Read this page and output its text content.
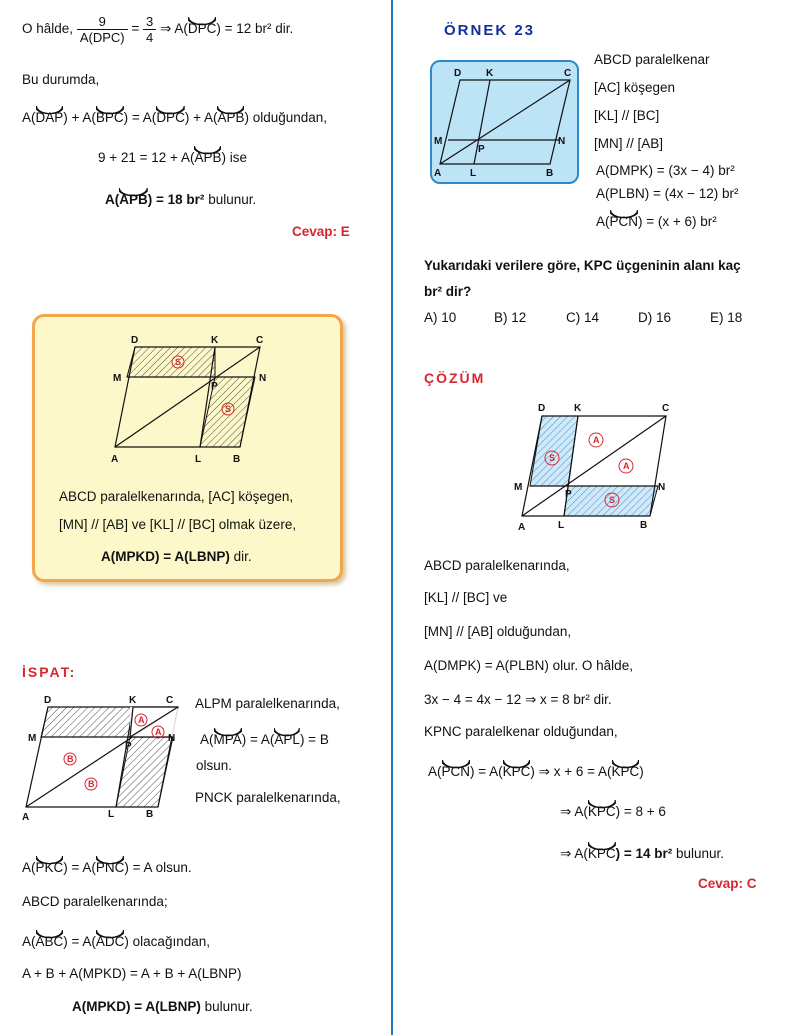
O hâlde, $\frac{9}{\text{A(DPC)}} = \frac{3}{4}$ ⇒ A(DPC) = 12 br² dir.
Bu durumda,
A(DAP) + A(BPC) = A(DPC) + A(APB) olduğundan,
9 + 21 = 12 + A(APB) ise
A(APB) = 18 br² bulunur.
Cevap: E
S
S
D	K	C
M	N
P
A	L	B
ABCD paralelkenarında, [AC] köşegen,
[MN] // [AB] ve [KL] // [BC] olmak üzere,
A(MPKD) = A(LBNP) dir.
İSPAT:
A
A
B
B
D	K	C
M	N
P
A	L	B
ALPM paralelkenarında,
A(MPA) = A(APL) = B
olsun.
PNCK paralelkenarında,
A(PKC) = A(PNC) = A olsun.
ABCD paralelkenarında;
A(ABC) = A(ADC) olacağından,
A + B + A(MPKD) = A + B + A(LBNP)
A(MPKD) = A(LBNP) bulunur.
ÖRNEK 23
D K	C
M	N
P
A	L	B
ABCD paralelkenar
[AC] köşegen
[KL] // [BC]
[MN] // [AB]
A(DMPK) = (3x − 4) br²
A(PLBN) = (4x − 12) br²
A(PCN) = (x + 6) br²
Yukarıdaki verilere göre, KPC üçgeninin alanı kaç
br² dir?
A) 10	B) 12	C) 14	D) 16	E) 18
ÇÖZÜM
A
A
S
S
D	K	C
M	N
P
A	L	B
ABCD paralelkenarında,
[KL] // [BC] ve
[MN] // [AB] olduğundan,
A(DMPK) = A(PLBN) olur. O hâlde,
3x − 4 = 4x − 12 ⇒ x = 8 br² dir.
KPNC paralelkenar olduğundan,
A(PCN) = A(KPC) ⇒ x + 6 = A(KPC)
⇒ A(KPC) = 8 + 6
⇒ A(KPC) = 14 br² bulunur.
Cevap: C
